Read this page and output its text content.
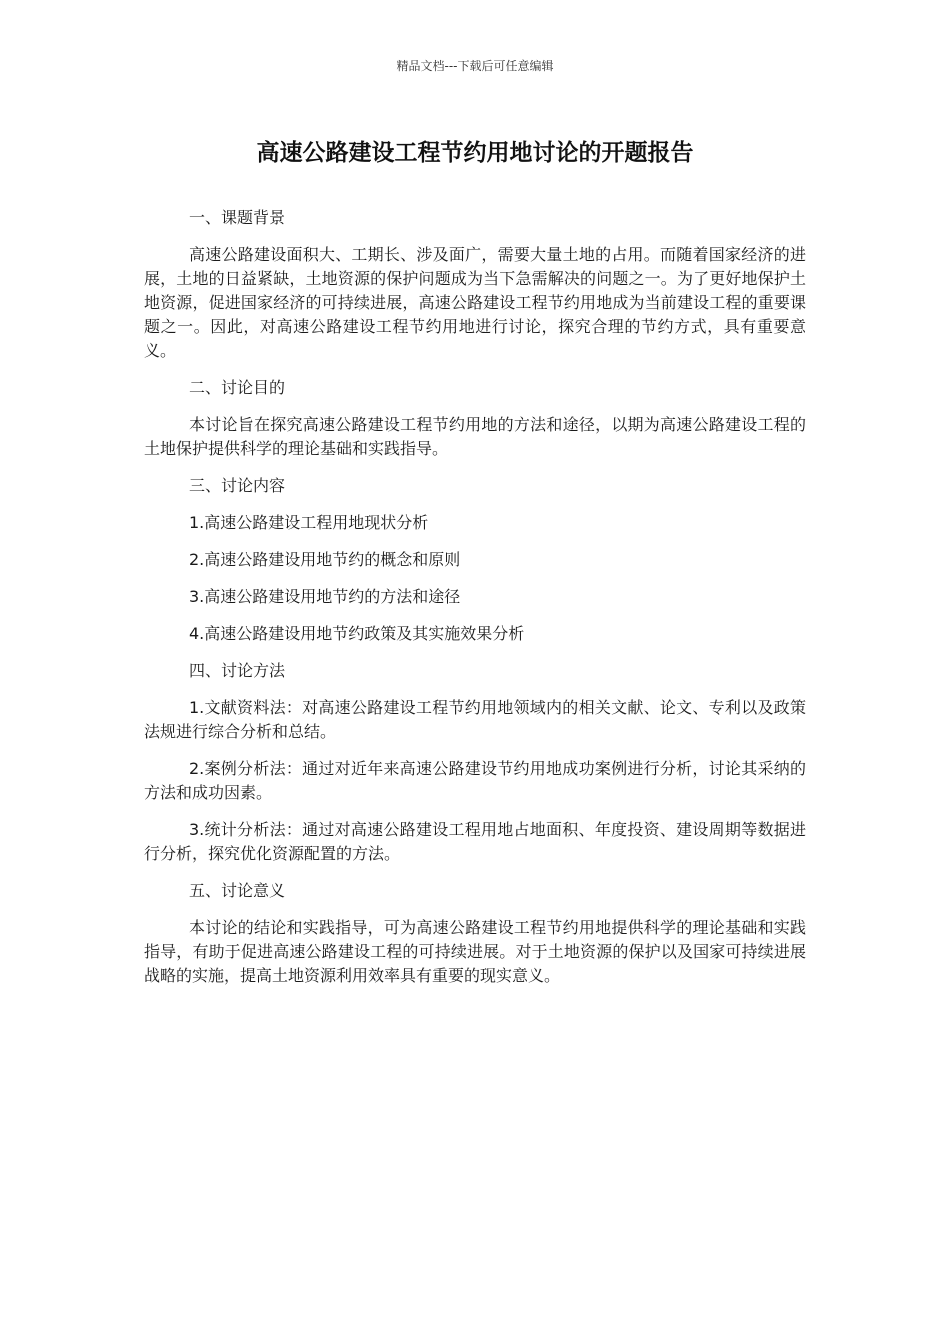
精品文档---下载后可任意编辑
高速公路建设工程节约用地讨论的开题报告

一、课题背景

高速公路建设面积大、工期长、涉及面广，需要大量土地的占用。而随着国家经济的进展，土地的日益紧缺，土地资源的保护问题成为当下急需解决的问题之一。为了更好地保护土地资源，促进国家经济的可持续进展，高速公路建设工程节约用地成为当前建设工程的重要课题之一。因此，对高速公路建设工程节约用地进行讨论，探究合理的节约方式，具有重要意义。

二、讨论目的

本讨论旨在探究高速公路建设工程节约用地的方法和途径，以期为高速公路建设工程的土地保护提供科学的理论基础和实践指导。

三、讨论内容

1.高速公路建设工程用地现状分析

2.高速公路建设用地节约的概念和原则

3.高速公路建设用地节约的方法和途径

4.高速公路建设用地节约政策及其实施效果分析

四、讨论方法

1.文献资料法：对高速公路建设工程节约用地领域内的相关文献、论文、专利以及政策法规进行综合分析和总结。

2.案例分析法：通过对近年来高速公路建设节约用地成功案例进行分析，讨论其采纳的方法和成功因素。

3.统计分析法：通过对高速公路建设工程用地占地面积、年度投资、建设周期等数据进行分析，探究优化资源配置的方法。

五、讨论意义

本讨论的结论和实践指导，可为高速公路建设工程节约用地提供科学的理论基础和实践指导，有助于促进高速公路建设工程的可持续进展。对于土地资源的保护以及国家可持续进展战略的实施，提高土地资源利用效率具有重要的现实意义。
